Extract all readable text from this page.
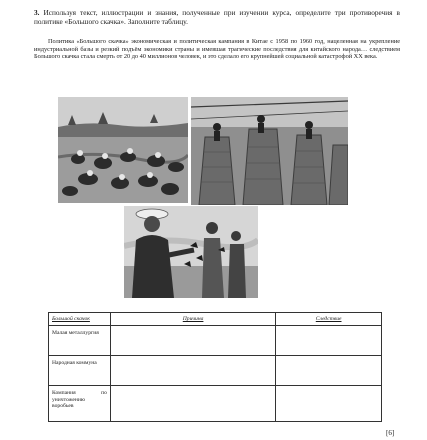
3. Используя текст, иллюстрации и знания, полученные при изучении курса, определите три противоречия в политике «Большого скачка». Заполните таблицу.
Политика «Большого скачка» экономическая и политическая кампания в Китае с 1958 по 1960 год, нацеленная на укрепление индустриальной базы и резкий подъём экономики страны и имевшая трагические последствия для китайского народа… следствием Большого скачка стала смерть от 20 до 40 миллионов человек, и это сделало его крупнейшей социальной катастрофой XX века.
Большой скачок	Причина	Следствие
Малая металлургия		
Народная коммуна		
Компания по уничтожению воробьев		
[6]
